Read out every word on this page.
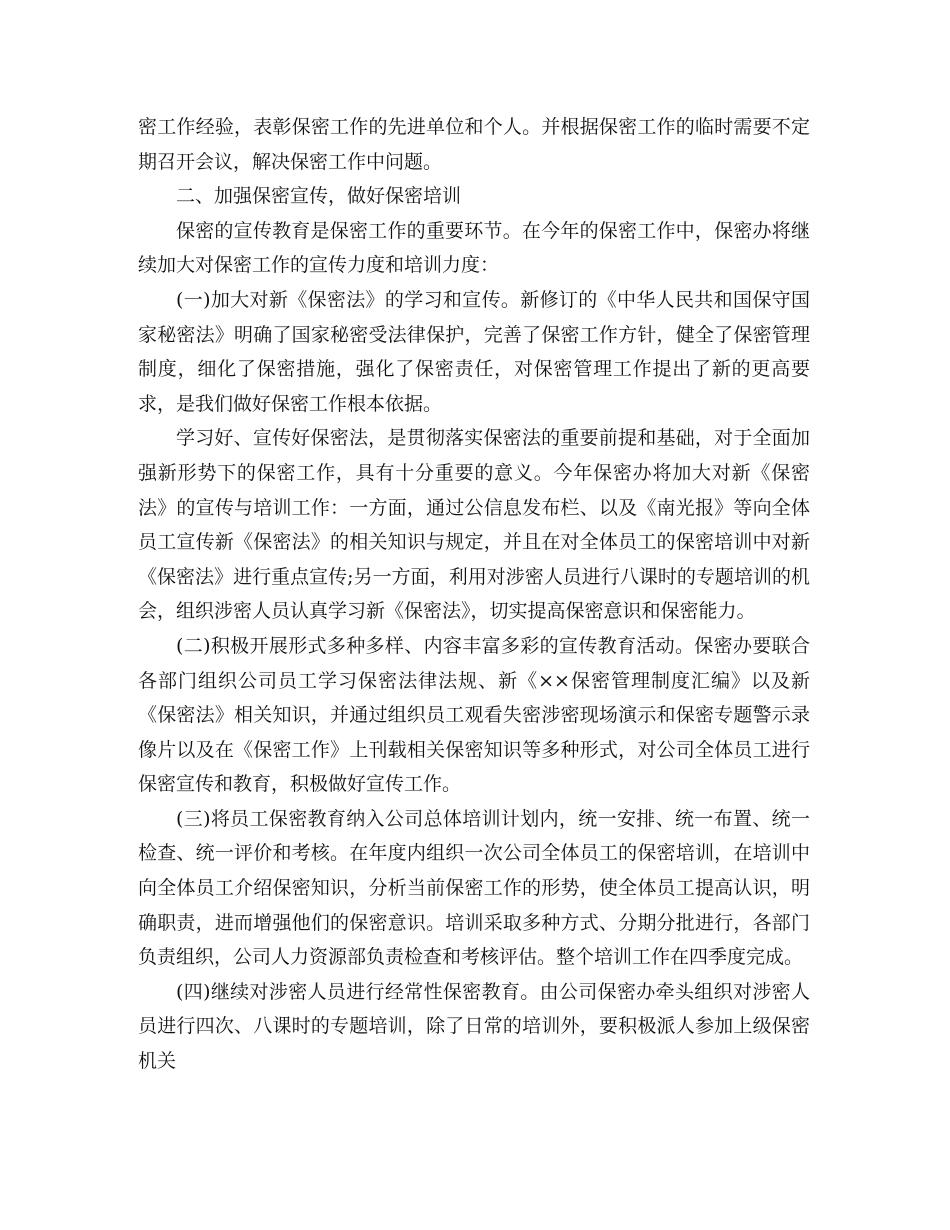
密工作经验，表彰保密工作的先进单位和个人。并根据保密工作的临时需要不定期召开会议，解决保密工作中问题。

二、加强保密宣传，做好保密培训

保密的宣传教育是保密工作的重要环节。在今年的保密工作中，保密办将继续加大对保密工作的宣传力度和培训力度：

(一)加大对新《保密法》的学习和宣传。新修订的《中华人民共和国保守国家秘密法》明确了国家秘密受法律保护，完善了保密工作方针，健全了保密管理制度，细化了保密措施，强化了保密责任，对保密管理工作提出了新的更高要求，是我们做好保密工作根本依据。

学习好、宣传好保密法，是贯彻落实保密法的重要前提和基础，对于全面加强新形势下的保密工作，具有十分重要的意义。今年保密办将加大对新《保密法》的宣传与培训工作：一方面，通过公信息发布栏、以及《南光报》等向全体员工宣传新《保密法》的相关知识与规定，并且在对全体员工的保密培训中对新《保密法》进行重点宣传;另一方面，利用对涉密人员进行八课时的专题培训的机会，组织涉密人员认真学习新《保密法》，切实提高保密意识和保密能力。

(二)积极开展形式多种多样、内容丰富多彩的宣传教育活动。保密办要联合各部门组织公司员工学习保密法律法规、新《××保密管理制度汇编》以及新《保密法》相关知识，并通过组织员工观看失密涉密现场演示和保密专题警示录像片以及在《保密工作》上刊载相关保密知识等多种形式，对公司全体员工进行保密宣传和教育，积极做好宣传工作。

(三)将员工保密教育纳入公司总体培训计划内，统一安排、统一布置、统一检查、统一评价和考核。在年度内组织一次公司全体员工的保密培训，在培训中向全体员工介绍保密知识，分析当前保密工作的形势，使全体员工提高认识，明确职责，进而增强他们的保密意识。培训采取多种方式、分期分批进行，各部门负责组织，公司人力资源部负责检查和考核评估。整个培训工作在四季度完成。

(四)继续对涉密人员进行经常性保密教育。由公司保密办牵头组织对涉密人员进行四次、八课时的专题培训，除了日常的培训外，要积极派人参加上级保密机关
